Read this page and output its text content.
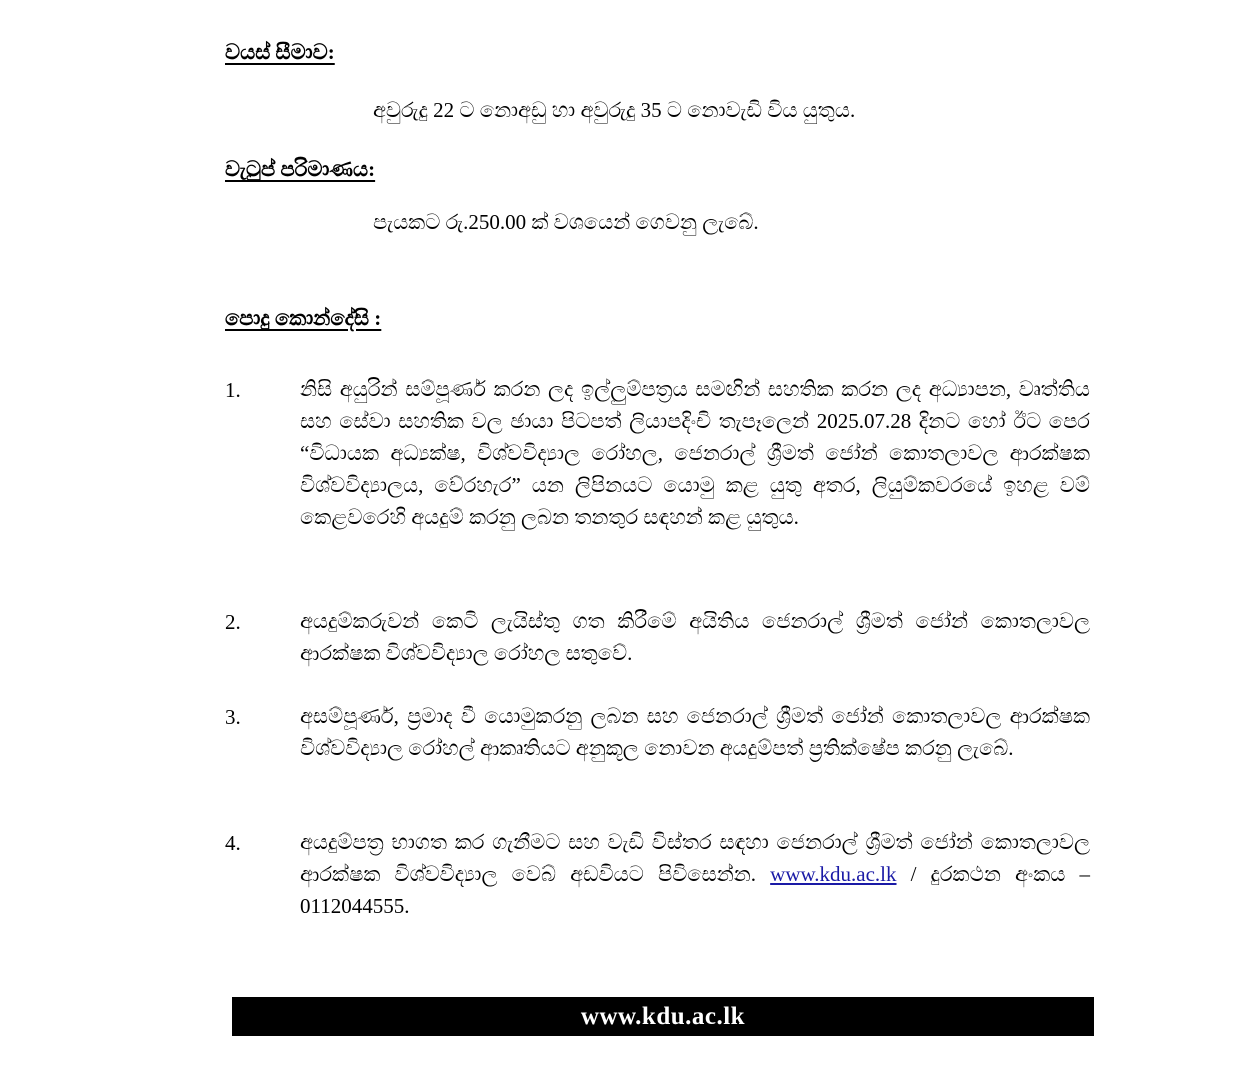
වයස් සීමාව:
අවුරුදු 22 ට නොඅඩු හා අවුරුදු 35 ට නොවැඩි විය යුතුය.
වැටුප් පරිමාණය:
පැයකට රු.250.00 ක් වශයෙන් ගෙවනු ලැබේ.
පොදු කොන්දේසි :
1.	නිසි අයුරින් සම්පූර්ණ කරන ලද ඉල්ලුම්පත්‍රය සමඟින් සහතික කරන ලද අධ්‍යාපන, වෘත්තිය සහ සේවා සහතික වල ඡායා පිටපත් ලියාපදිංචි තැපෑලෙන් 2025.07.28 දිනට හෝ ඊට පෙර “විධායක අධ්‍යක්ෂ, විශ්වවිද්‍යාල රෝහල, ජෙනරාල් ශ්‍රීමත් ජෝන් කොතලාවල ආරක්ෂක විශ්වවිද්‍යාලය, වේරහැර” යන ලිපිනයට යොමු කළ යුතු අතර, ලියුම්කවරයේ ඉහළ වම් කෙළවරෙහි අයදුම් කරනු ලබන තනතුර සඳහන් කළ යුතුය.
2.	අයදුම්කරුවන් කෙටි ලැයිස්තු ගත කිරීමේ අයිතිය ජෙනරාල් ශ්‍රීමත් ජෝන් කොතලාවල ආරක්ෂක විශ්වවිද්‍යාල රෝහල සතුවේ.
3.	අසම්පූර්ණ, ප්‍රමාද වී යොමුකරනු ලබන සහ ජෙනරාල් ශ්‍රීමත් ජෝන් කොතලාවල ආරක්ෂක විශ්වවිද්‍යාල රෝහල් ආකෘතියට අනුකූල නොවන අයදුම්පත් ප්‍රතික්ෂේප කරනු ලැබේ.
4.	අයදුම්පත්‍ර භාගත කර ගැනීමට සහ වැඩි විස්තර සඳහා ජෙනරාල් ශ්‍රීමත් ජෝන් කොතලාවල ආරක්ෂක විශ්වවිද්‍යාල වෙබ් අඩවියට පිවිසෙන්න. www.kdu.ac.lk / දුරකථන අංකය – 0112044555.
www.kdu.ac.lk
